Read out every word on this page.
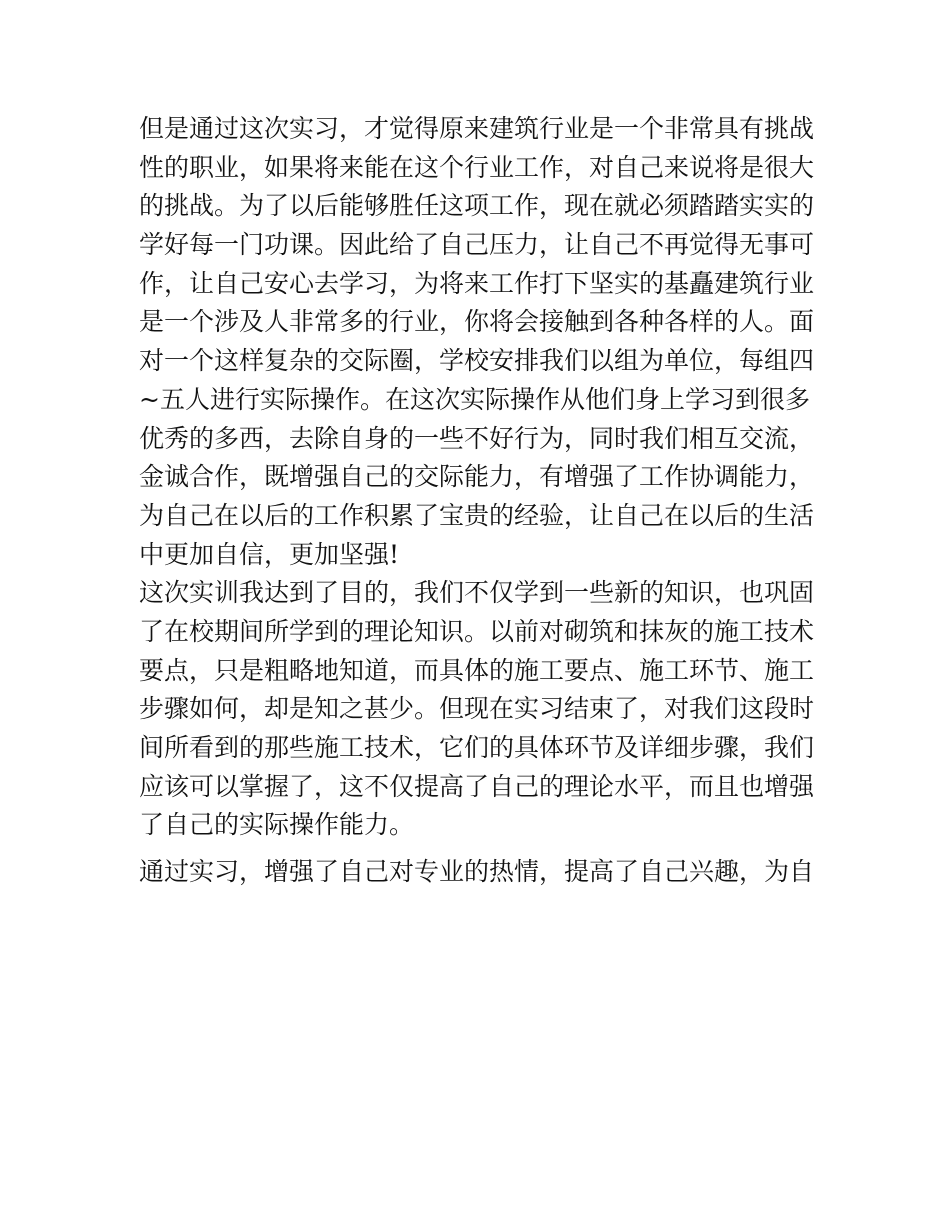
但是通过这次实习，才觉得原来建筑行业是一个非常具有挑战
性的职业，如果将来能在这个行业工作，对自己来说将是很大
的挑战。为了以后能够胜任这项工作，现在就必须踏踏实实的
学好每一门功课。因此给了自己压力，让自己不再觉得无事可
作，让自己安心去学习，为将来工作打下坚实的基矗建筑行业
是一个涉及人非常多的行业，你将会接触到各种各样的人。面
对一个这样复杂的交际圈，学校安排我们以组为单位，每组四
~五人进行实际操作。在这次实际操作从他们身上学习到很多
优秀的多西，去除自身的一些不好行为，同时我们相互交流，
金诚合作，既增强自己的交际能力，有增强了工作协调能力，
为自己在以后的工作积累了宝贵的经验，让自己在以后的生活
中更加自信，更加坚强!
这次实训我达到了目的，我们不仅学到一些新的知识，也巩固
了在校期间所学到的理论知识。以前对砌筑和抹灰的施工技术
要点，只是粗略地知道，而具体的施工要点、施工环节、施工
步骤如何，却是知之甚少。但现在实习结束了，对我们这段时
间所看到的那些施工技术，它们的具体环节及详细步骤，我们
应该可以掌握了，这不仅提高了自己的理论水平，而且也增强
了自己的实际操作能力。
通过实习，增强了自己对专业的热情，提高了自己兴趣，为自
